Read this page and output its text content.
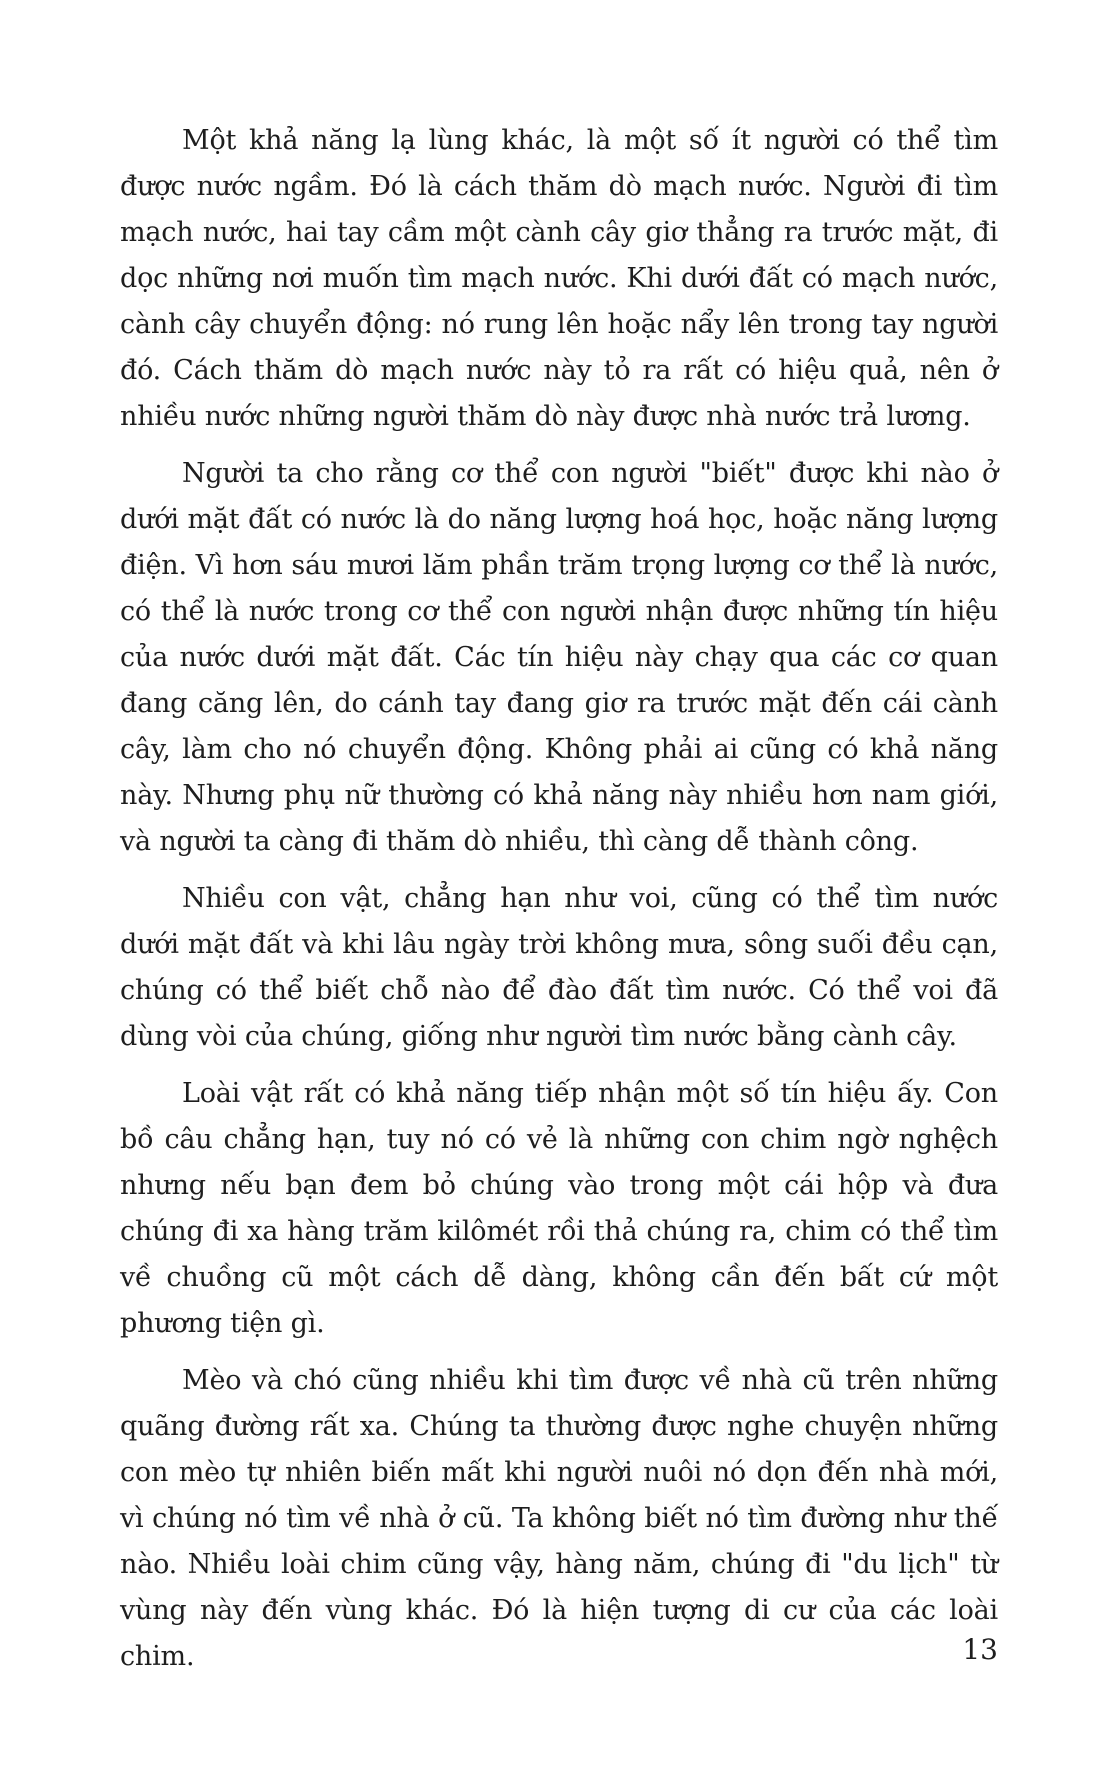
Một khả năng lạ lùng khác, là một số ít người có thể tìm được nước ngầm. Đó là cách thăm dò mạch nước. Người đi tìm mạch nước, hai tay cầm một cành cây giơ thẳng ra trước mặt, đi dọc những nơi muốn tìm mạch nước. Khi dưới đất có mạch nước, cành cây chuyển động: nó rung lên hoặc nẩy lên trong tay người đó. Cách thăm dò mạch nước này tỏ ra rất có hiệu quả, nên ở nhiều nước những người thăm dò này được nhà nước trả lương.

Người ta cho rằng cơ thể con người "biết" được khi nào ở dưới mặt đất có nước là do năng lượng hoá học, hoặc năng lượng điện. Vì hơn sáu mươi lăm phần trăm trọng lượng cơ thể là nước, có thể là nước trong cơ thể con người nhận được những tín hiệu của nước dưới mặt đất. Các tín hiệu này chạy qua các cơ quan đang căng lên, do cánh tay đang giơ ra trước mặt đến cái cành cây, làm cho nó chuyển động. Không phải ai cũng có khả năng này. Nhưng phụ nữ thường có khả năng này nhiều hơn nam giới, và người ta càng đi thăm dò nhiều, thì càng dễ thành công.

Nhiều con vật, chẳng hạn như voi, cũng có thể tìm nước dưới mặt đất và khi lâu ngày trời không mưa, sông suối đều cạn, chúng có thể biết chỗ nào để đào đất tìm nước. Có thể voi đã dùng vòi của chúng, giống như người tìm nước bằng cành cây.

Loài vật rất có khả năng tiếp nhận một số tín hiệu ấy. Con bồ câu chẳng hạn, tuy nó có vẻ là những con chim ngờ nghệch nhưng nếu bạn đem bỏ chúng vào trong một cái hộp và đưa chúng đi xa hàng trăm kilômét rồi thả chúng ra, chim có thể tìm về chuồng cũ một cách dễ dàng, không cần đến bất cứ một phương tiện gì.

Mèo và chó cũng nhiều khi tìm được về nhà cũ trên những quãng đường rất xa. Chúng ta thường được nghe chuyện những con mèo tự nhiên biến mất khi người nuôi nó dọn đến nhà mới, vì chúng nó tìm về nhà ở cũ. Ta không biết nó tìm đường như thế nào. Nhiều loài chim cũng vậy, hàng năm, chúng đi "du lịch" từ vùng này đến vùng khác. Đó là hiện tượng di cư của các loài chim.	13
